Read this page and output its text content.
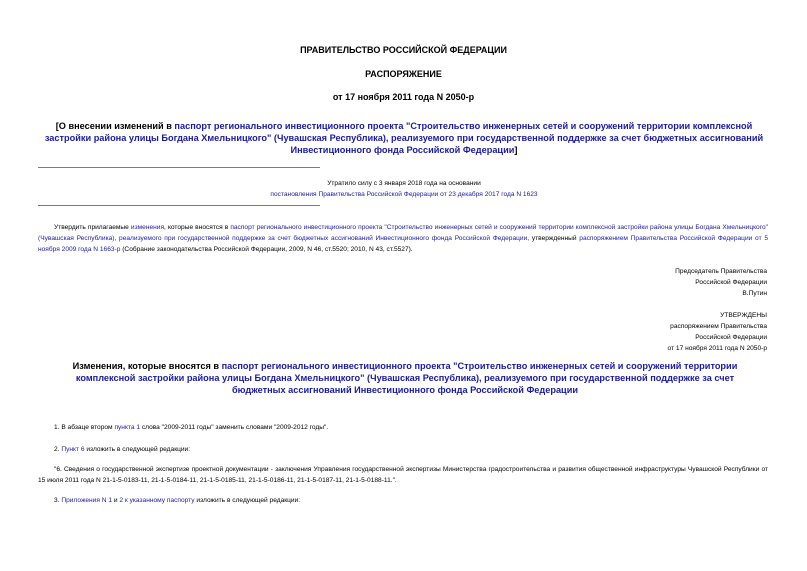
ПРАВИТЕЛЬСТВО РОССИЙСКОЙ ФЕДЕРАЦИИ
РАСПОРЯЖЕНИЕ
от 17 ноября 2011 года N 2050-р
[О внесении изменений в паспорт регионального инвестиционного проекта "Строительство инженерных сетей и сооружений территории комплексной застройки района улицы Богдана Хмельницкого" (Чувашская Республика), реализуемого при государственной поддержке за счет бюджетных ассигнований Инвестиционного фонда Российской Федерации]
Утратило силу с 3 января 2018 года на основании
постановления Правительства Российской Федерации от 23 декабря 2017 года N 1623
Утвердить прилагаемые изменения, которые вносятся в паспорт регионального инвестиционного проекта "Строительство инженерных сетей и сооружений территории комплексной застройки района улицы Богдана Хмельницкого" (Чувашская Республика), реализуемого при государственной поддержке за счет бюджетных ассигнований Инвестиционного фонда Российской Федерации, утвержденный распоряжением Правительства Российской Федерации от 5 ноября 2009 года N 1663-р (Собрание законодательства Российской Федерации, 2009, N 46, ст.5520; 2010, N 43, ст.5527).
Председатель Правительства
Российской Федерации
В.Путин
УТВЕРЖДЕНЫ
распоряжением Правительства
Российской Федерации
от 17 ноября 2011 года N 2050-р
Изменения, которые вносятся в паспорт регионального инвестиционного проекта "Строительство инженерных сетей и сооружений территории комплексной застройки района улицы Богдана Хмельницкого" (Чувашская Республика), реализуемого при государственной поддержке за счет бюджетных ассигнований Инвестиционного фонда Российской Федерации
1. В абзаце втором пункта 1 слова "2009-2011 годы" заменить словами "2009-2012 годы".
2. Пункт 6 изложить в следующей редакции:
"6. Сведения о государственной экспертизе проектной документации - заключения Управления государственной экспертизы Министерства градостроительства и развития общественной инфраструктуры Чувашской Республики от 15 июля 2011 года N 21-1-5-0183-11, 21-1-5-0184-11, 21-1-5-0185-11, 21-1-5-0186-11, 21-1-5-0187-11, 21-1-5-0188-11.".
3. Приложения N 1 и 2 к указанному паспорту изложить в следующей редакции:
